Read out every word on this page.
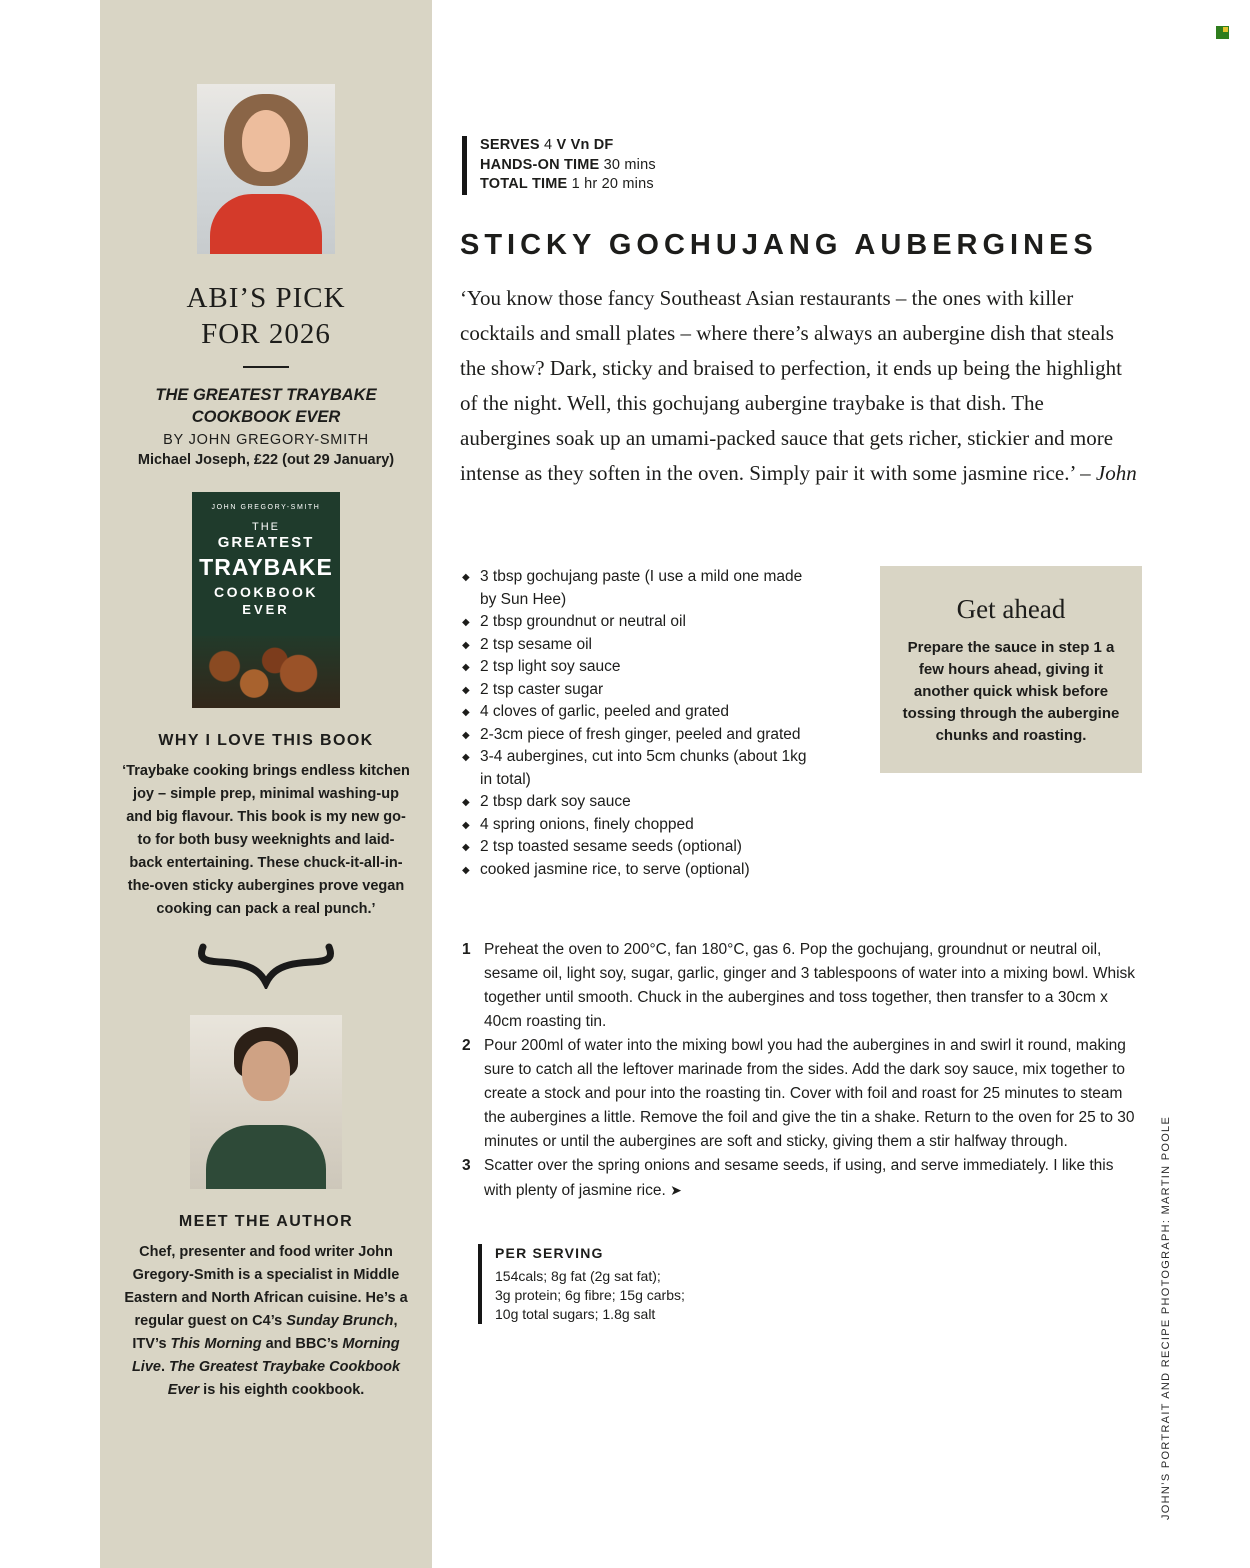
ABI’S PICK
FOR 2026
THE GREATEST TRAYBAKE COOKBOOK EVER
BY JOHN GREGORY-SMITH
Michael Joseph, £22 (out 29 January)
JOHN GREGORY-SMITH
THE
GREATEST
TRAYBAKE
COOKBOOK
EVER
WHY I LOVE THIS BOOK

‘Traybake cooking brings endless kitchen joy – simple prep, minimal washing-up and big flavour. This book is my new go-to for both busy weeknights and laid-back entertaining. These chuck-it-all-in-the-oven sticky aubergines prove vegan cooking can pack a real punch.’

MEET THE AUTHOR

Chef, presenter and food writer John Gregory-Smith is a specialist in Middle Eastern and North African cuisine. He’s a regular guest on C4’s Sunday Brunch, ITV’s This Morning and BBC’s Morning Live. The Greatest Traybake Cookbook Ever is his eighth cookbook.

SERVES 4 V Vn DF
HANDS-ON TIME 30 mins
TOTAL TIME 1 hr 20 mins
STICKY GOCHUJANG AUBERGINES

‘You know those fancy Southeast Asian restaurants – the ones with killer cocktails and small plates – where there’s always an aubergine dish that steals the show? Dark, sticky and braised to perfection, it ends up being the highlight of the night. Well, this gochujang aubergine traybake is that dish. The aubergines soak up an umami-packed sauce that gets richer, stickier and more intense as they soften in the oven. Simply pair it with some jasmine rice.’ – John

◆ 3 tbsp gochujang paste (I use a mild one made by Sun Hee)
◆ 2 tbsp groundnut or neutral oil
◆ 2 tsp sesame oil
◆ 2 tsp light soy sauce
◆ 2 tsp caster sugar
◆ 4 cloves of garlic, peeled and grated
◆ 2-3cm piece of fresh ginger, peeled and grated
◆ 3-4 aubergines, cut into 5cm chunks (about 1kg in total)
◆ 2 tbsp dark soy sauce
◆ 4 spring onions, finely chopped
◆ 2 tsp toasted sesame seeds (optional)
◆ cooked jasmine rice, to serve (optional)
Get ahead

Prepare the sauce in step 1 a few hours ahead, giving it another quick whisk before tossing through the aubergine chunks and roasting.

1 Preheat the oven to 200°C, fan 180°C, gas 6. Pop the gochujang, groundnut or neutral oil, sesame oil, light soy, sugar, garlic, ginger and 3 tablespoons of water into a mixing bowl. Whisk together until smooth. Chuck in the aubergines and toss together, then transfer to a 30cm x 40cm roasting tin.
2 Pour 200ml of water into the mixing bowl you had the aubergines in and swirl it round, making sure to catch all the leftover marinade from the sides. Add the dark soy sauce, mix together to create a stock and pour into the roasting tin. Cover with foil and roast for 25 minutes to steam the aubergines a little. Remove the foil and give the tin a shake. Return to the oven for 25 to 30 minutes or until the aubergines are soft and sticky, giving them a stir halfway through.
3 Scatter over the spring onions and sesame seeds, if using, and serve immediately. I like this with plenty of jasmine rice. ➤
PER SERVING
154cals; 8g fat (2g sat fat);
3g protein; 6g fibre; 15g carbs;
10g total sugars; 1.8g salt	JOHN’S PORTRAIT AND RECIPE PHOTOGRAPH: MARTIN POOLE
